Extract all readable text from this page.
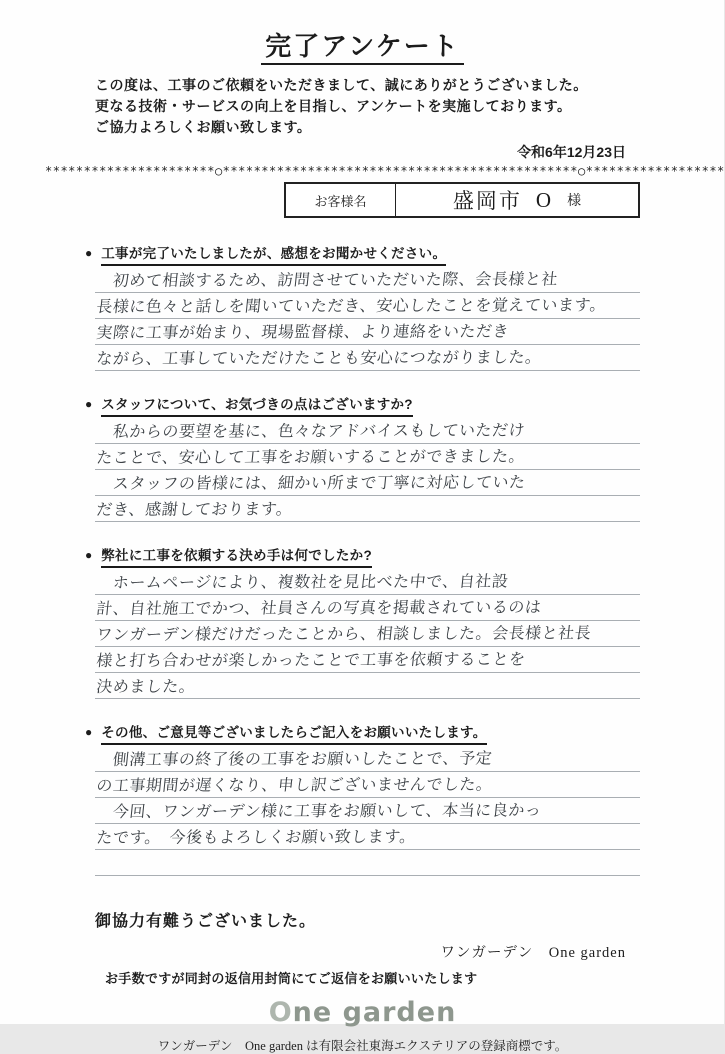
完了アンケート

この度は、工事のご依頼をいただきまして、誠にありがとうございました。

更なる技術・サービスの向上を目指し、アンケートを実施しております。

ご協力よろしくお願い致します。

令和6年12月23日
**********************○**********************************************○******************
お客様名	盛岡市 O 様
● 工事が完了いたしましたが、感想をお聞かせください。
　初めて相談するため、訪問させていただいた際、会長様と社
長様に色々と話しを聞いていただき、安心したことを覚えています。
実際に工事が始まり、現場監督様、より連絡をいただき
ながら、工事していただけたことも安心につながりました。
● スタッフについて、お気づきの点はございますか?
　私からの要望を基に、色々なアドバイスもしていただけ
たことで、安心して工事をお願いすることができました。
　スタッフの皆様には、細かい所まで丁寧に対応していた
だき、感謝しております。
● 弊社に工事を依頼する決め手は何でしたか?
　ホームページにより、複数社を見比べた中で、自社設
計、自社施工でかつ、社員さんの写真を掲載されているのは
ワンガーデン様だけだったことから、相談しました。会長様と社長
様と打ち合わせが楽しかったことで工事を依頼することを
決めました。
● その他、ご意見等ございましたらご記入をお願いいたします。
　側溝工事の終了後の工事をお願いしたことで、予定
の工事期間が遅くなり、申し訳ございませんでした。
　今回、ワンガーデン様に工事をお願いして、本当に良かっ
たです。　今後もよろしくお願い致します。
御協力有難うございました。
ワンガーデン　One garden
お手数ですが同封の返信用封筒にてご返信をお願いいたします
One garden
ワンガーデン　One garden は有限会社東海エクステリアの登録商標です。
